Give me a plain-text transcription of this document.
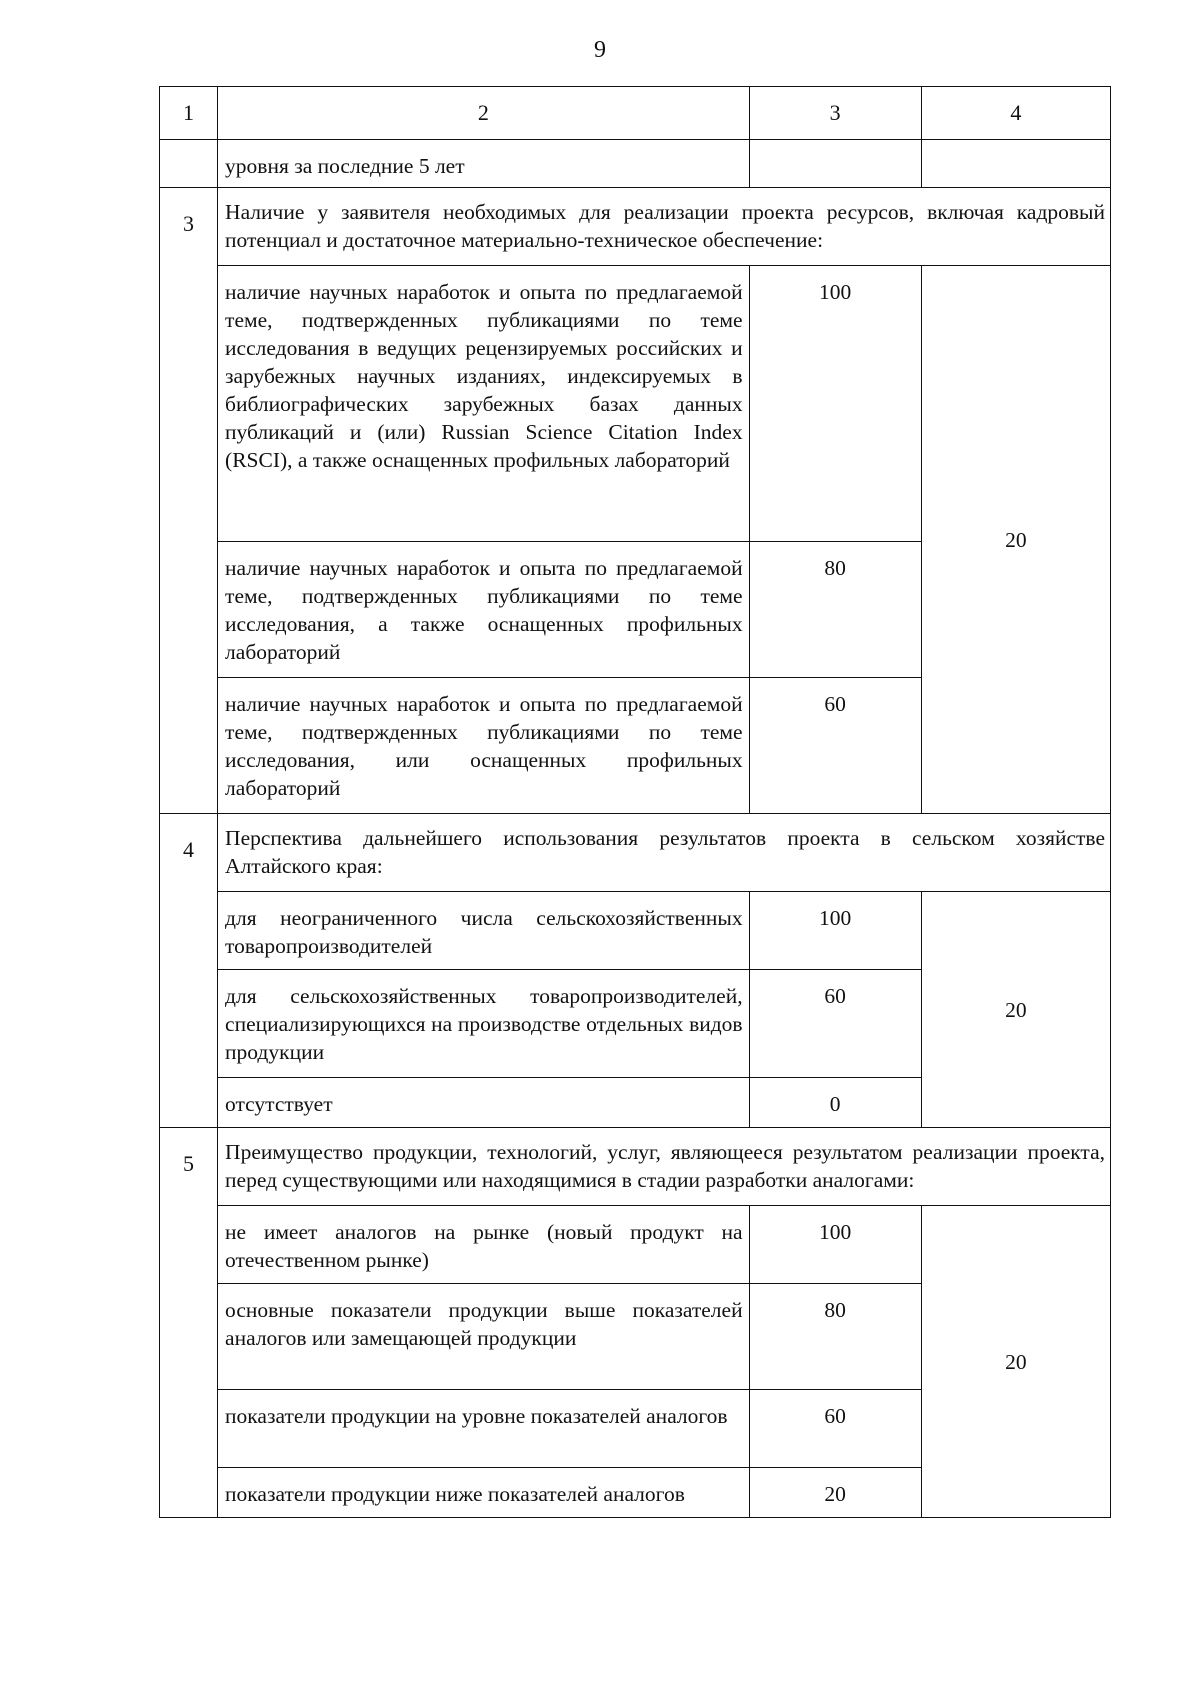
9
1	2	3	4
	уровня за последние 5 лет		
3	Наличие у заявителя необходимых для реализации проекта ресурсов, включая кадровый потенциал и достаточное материально-техническое обеспечение:		
	наличие научных наработок и опыта по предлагаемой теме, подтвержденных публикациями по теме исследования в ведущих рецензируемых российских и зарубежных научных изданиях, индексируемых в библиографических зарубежных базах данных публикаций и (или) Russian Science Citation Index (RSCI), а также оснащенных профильных лабораторий	100	20
	наличие научных наработок и опыта по предлагаемой теме, подтвержденных публикациями по теме исследования, а также оснащенных профильных лабораторий	80	
	наличие научных наработок и опыта по предлагаемой теме, подтвержденных публикациями по теме исследования, или оснащенных профильных лабораторий	60	
4	Перспектива дальнейшего использования результатов проекта в сельском хозяйстве Алтайского края:		
	для неограниченного числа сельскохозяйственных товаропроизводителей	100	20
	для сельскохозяйственных товаропроизводителей, специализирующихся на производстве отдельных видов продукции	60	
	отсутствует	0	
5	Преимущество продукции, технологий, услуг, являющееся результатом реализации проекта, перед существующими или находящимися в стадии разработки аналогами:		
	не имеет аналогов на рынке (новый продукт на отечественном рынке)	100	20
	основные показатели продукции выше показателей аналогов или замещающей продукции	80	
	показатели продукции на уровне показателей аналогов	60	
	показатели продукции ниже показателей аналогов	20	
